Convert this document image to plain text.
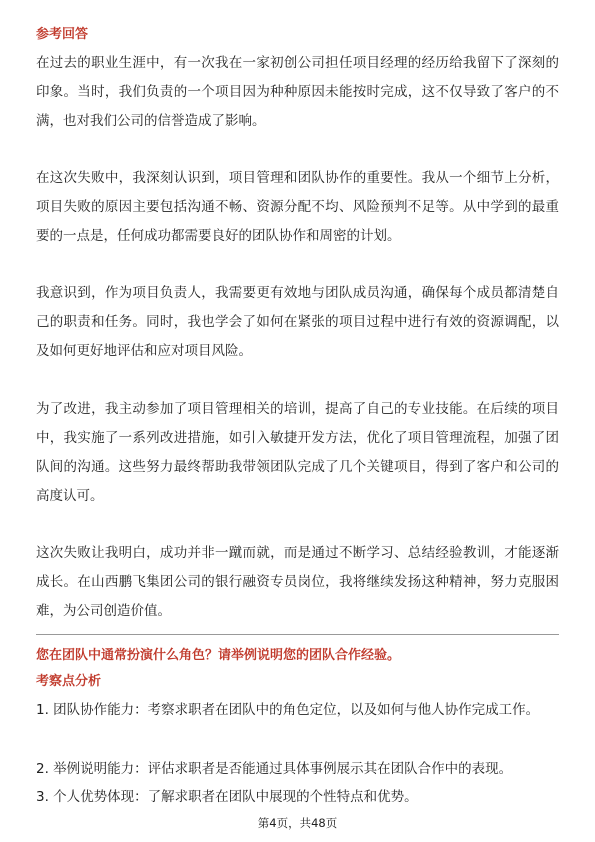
参考回答
在过去的职业生涯中，有一次我在一家初创公司担任项目经理的经历给我留下了深刻的印象。当时，我们负责的一个项目因为种种原因未能按时完成，这不仅导致了客户的不满，也对我们公司的信誉造成了影响。
在这次失败中，我深刻认识到，项目管理和团队协作的重要性。我从一个细节上分析，项目失败的原因主要包括沟通不畅、资源分配不均、风险预判不足等。从中学到的最重要的一点是，任何成功都需要良好的团队协作和周密的计划。
我意识到，作为项目负责人，我需要更有效地与团队成员沟通，确保每个成员都清楚自己的职责和任务。同时，我也学会了如何在紧张的项目过程中进行有效的资源调配，以及如何更好地评估和应对项目风险。
为了改进，我主动参加了项目管理相关的培训，提高了自己的专业技能。在后续的项目中，我实施了一系列改进措施，如引入敏捷开发方法，优化了项目管理流程，加强了团队间的沟通。这些努力最终帮助我带领团队完成了几个关键项目，得到了客户和公司的高度认可。
这次失败让我明白，成功并非一蹴而就，而是通过不断学习、总结经验教训，才能逐渐成长。在山西鹏飞集团公司的银行融资专员岗位，我将继续发扬这种精神，努力克服困难，为公司创造价值。
您在团队中通常扮演什么角色？请举例说明您的团队合作经验。
考察点分析
1. 团队协作能力：考察求职者在团队中的角色定位，以及如何与他人协作完成工作。
2. 举例说明能力：评估求职者是否能通过具体事例展示其在团队合作中的表现。
3. 个人优势体现：了解求职者在团队中展现的个性特点和优势。
第4页，共48页
